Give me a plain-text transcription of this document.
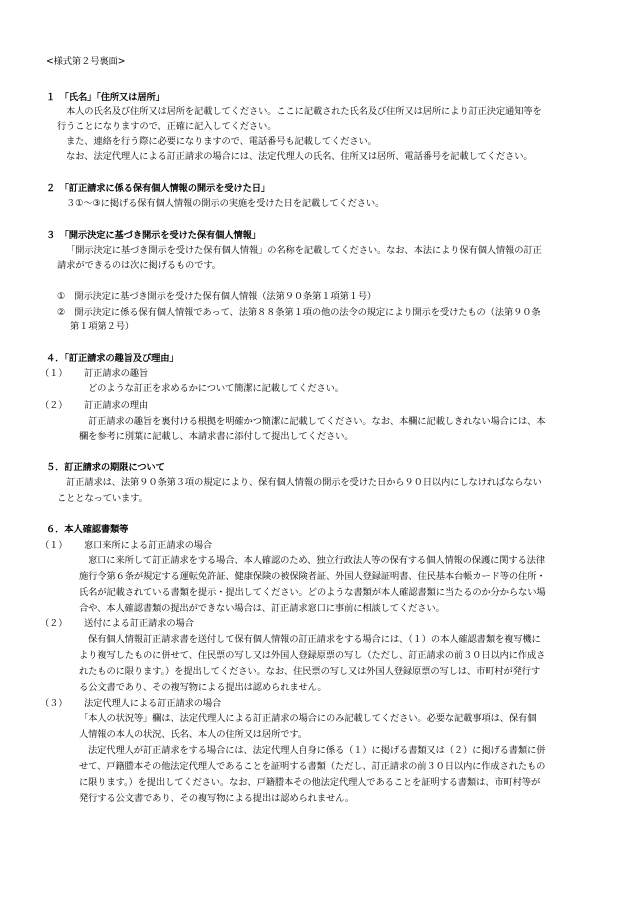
<様式第２号裏面>
１　「氏名」「住所又は居所」
本人の氏名及び住所又は居所を記載してください。ここに記載された氏名及び住所又は居所により訂正決定通知等を
行うことになりますので、正確に記入してください。
また、連絡を行う際に必要になりますので、電話番号も記載してください。
なお、法定代理人による訂正請求の場合には、法定代理人の氏名、住所又は居所、電話番号を記載してください。
２　「訂正請求に係る保有個人情報の開示を受けた日」
３①～③に掲げる保有個人情報の開示の実施を受けた日を記載してください。
３　「開示決定に基づき開示を受けた保有個人情報」
「開示決定に基づき開示を受けた保有個人情報」の名称を記載してください。なお、本法により保有個人情報の訂正
請求ができるのは次に掲げるものです。
①　開示決定に基づき開示を受けた保有個人情報（法第９０条第１項第１号）
②　開示決定に係る保有個人情報であって、法第８８条第１項の他の法令の規定により開示を受けたもの（法第９０条
第１項第２号）
４．「訂正請求の趣旨及び理由」
（１） 訂正請求の趣旨
どのような訂正を求めるかについて簡潔に記載してください。
（２） 訂正請求の理由
訂正請求の趣旨を裏付ける根拠を明確かつ簡潔に記載してください。なお、本欄に記載しきれない場合には、本
欄を参考に別葉に記載し、本請求書に添付して提出してください。
５．訂正請求の期限について
訂正請求は、法第９０条第３項の規定により、保有個人情報の開示を受けた日から９０日以内にしなければならない
こととなっています。
６．本人確認書類等
（１） 窓口来所による訂正請求の場合
窓口に来所して訂正請求をする場合、本人確認のため、独立行政法人等の保有する個人情報の保護に関する法律
施行令第６条が規定する運転免許証、健康保険の被保険者証、外国人登録証明書、住民基本台帳カード等の住所・
氏名が記載されている書類を提示・提出してください。どのような書類が本人確認書類に当たるのか分からない場
合や、本人確認書類の提出ができない場合は、訂正請求窓口に事前に相談してください。
（２） 送付による訂正請求の場合
保有個人情報訂正請求書を送付して保有個人情報の訂正請求をする場合には、（１）の本人確認書類を複写機に
より複写したものに併せて、住民票の写し又は外国人登録原票の写し（ただし、訂正請求の前３０日以内に作成さ
れたものに限ります。）を提出してください。なお、住民票の写し又は外国人登録原票の写しは、市町村が発行す
る公文書であり、その複写物による提出は認められません。
（３） 法定代理人による訂正請求の場合
「本人の状況等」欄は、法定代理人による訂正請求の場合にのみ記載してください。必要な記載事項は、保有個
人情報の本人の状況、氏名、本人の住所又は居所です。
法定代理人が訂正請求をする場合には、法定代理人自身に係る（１）に掲げる書類又は（２）に掲げる書類に併
せて、戸籍謄本その他法定代理人であることを証明する書類（ただし、訂正請求の前３０日以内に作成されたもの
に限ります。）を提出してください。なお、戸籍謄本その他法定代理人であることを証明する書類は、市町村等が
発行する公文書であり、その複写物による提出は認められません。
